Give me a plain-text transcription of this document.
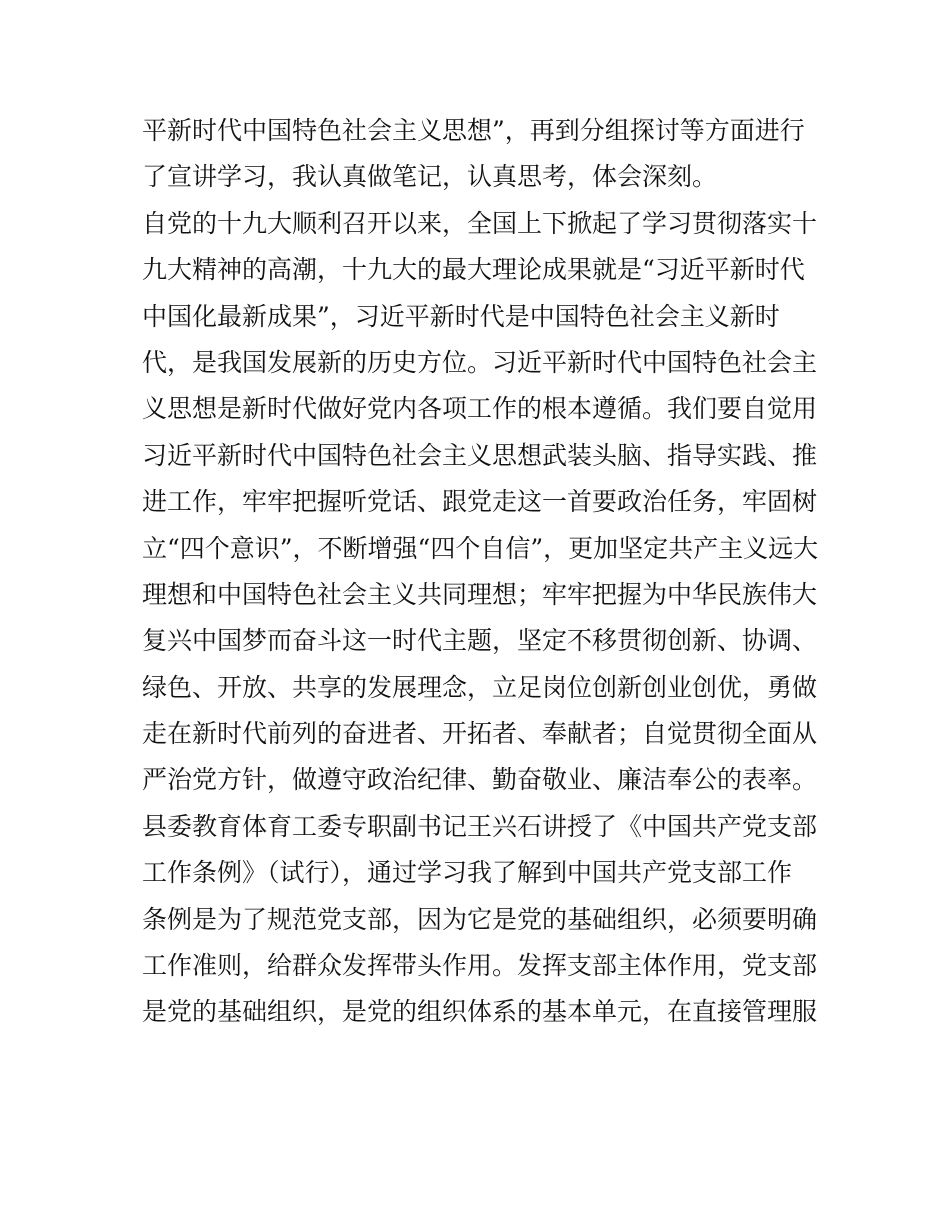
平新时代中国特色社会主义思想”，再到分组探讨等方面进行
了宣讲学习，我认真做笔记，认真思考，体会深刻。
自党的十九大顺利召开以来，全国上下掀起了学习贯彻落实十
九大精神的高潮，十九大的最大理论成果就是“习近平新时代
中国化最新成果”，习近平新时代是中国特色社会主义新时
代，是我国发展新的历史方位。习近平新时代中国特色社会主
义思想是新时代做好党内各项工作的根本遵循。我们要自觉用
习近平新时代中国特色社会主义思想武装头脑、指导实践、推
进工作，牢牢把握听党话、跟党走这一首要政治任务，牢固树
立“四个意识”，不断增强“四个自信”，更加坚定共产主义远大
理想和中国特色社会主义共同理想；牢牢把握为中华民族伟大
复兴中国梦而奋斗这一时代主题，坚定不移贯彻创新、协调、
绿色、开放、共享的发展理念，立足岗位创新创业创优，勇做
走在新时代前列的奋进者、开拓者、奉献者；自觉贯彻全面从
严治党方针，做遵守政治纪律、勤奋敬业、廉洁奉公的表率。
县委教育体育工委专职副书记王兴石讲授了《中国共产党支部
工作条例》（试行），通过学习我了解到中国共产党支部工作
条例是为了规范党支部，因为它是党的基础组织，必须要明确
工作准则，给群众发挥带头作用。发挥支部主体作用，党支部
是党的基础组织，是党的组织体系的基本单元，在直接管理服
